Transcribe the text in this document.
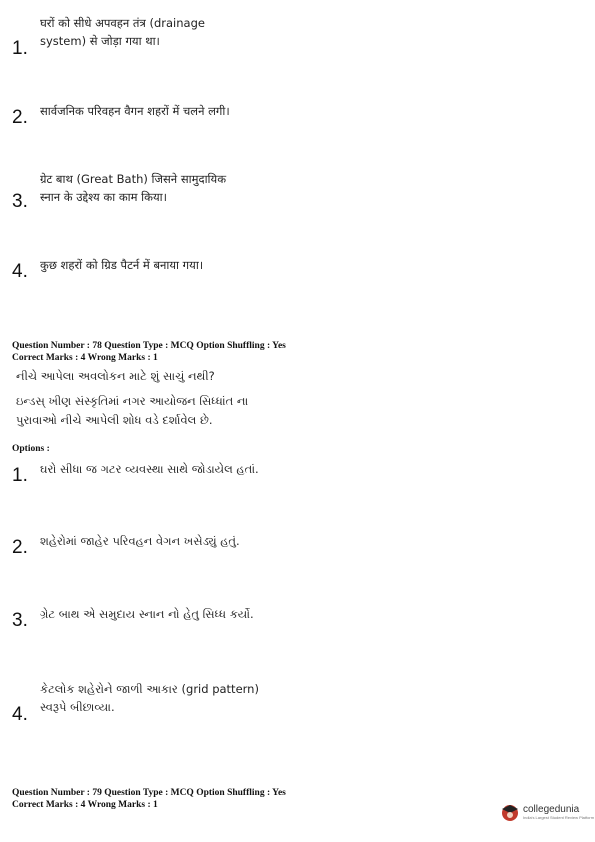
घरों को सीधे अपवहन तंत्र (drainage
system) से जोड़ा गया था।
1.
सार्वजनिक परिवहन वैगन शहरों में चलने लगी।
2.
ग्रेट बाथ (Great Bath) जिसने सामुदायिक
स्नान के उद्देश्य का काम किया।
3.
कुछ शहरों को ग्रिड पैटर्न में बनाया गया।
4.
Question Number : 78 Question Type : MCQ Option Shuffling : Yes
Correct Marks : 4 Wrong Marks : 1
નીચે આપેલા અવલોકન માટે શું સાચું નથી?
ઇન્ડસ્ ખીણ સંસ્કૃતિમાં નગર આયોજન સિધ્ધાંત ના
પુરાવાઓ નીચે આપેલી શોધ વડે દર્શાવેલ છે.
Options :
ઘરો સીધા જ ગટર વ્યવસ્થા સાથે જોડાયેલ હતાં.
1.
શહેરોમાં જાહેર પરિવહન વેગન ખસેડ્યું હતું.
2.
ગ્રેટ બાથ એ સમુદાય સ્નાન નો હેતુ સિધ્ધ કર્યો.
3.
કેટલોક શહેરોને જાળી આકાર (grid pattern)
સ્વરૂપે બીછાવ્યા.
4.
Question Number : 79 Question Type : MCQ Option Shuffling : Yes
Correct Marks : 4 Wrong Marks : 1	collegedunia
India's Largest Student Review Platform
